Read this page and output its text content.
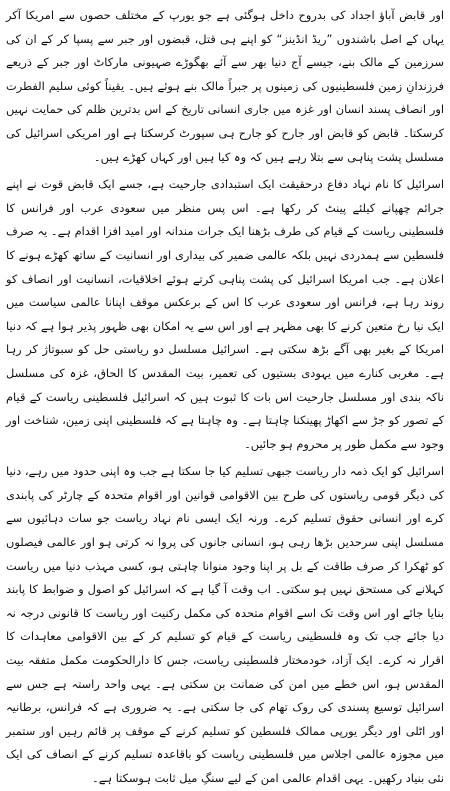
اور قابض آباؤ اجداد کی بدروح داخل ہوگئی ہے جو یورپ کے مختلف حصوں سے امریکا آکر یہاں کے اصل باشندوں ”ریڈ انڈینز“ کو اپنے ہی قتل، قبضوں اور جبر سے پسپا کر کے ان کی سرزمین کے مالک بنے، جیسے آج دنیا بھر سے آئے بھگوڑے صہیونی مارکاٹ اور جبر کے ذریعے فرزندانِ زمین فلسطینیوں کی زمینوں پر جبراً مالک بنے ہوئے ہیں۔ یقیناً کوئی سلیم الفطرت اور انصاف پسند انسان اور غزہ میں جاری انسانی تاریخ کے اس بدترین ظلم کی حمایت نہیں کرسکتا۔ قابض کو قابض اور جارح کو جارح ہی سپورٹ کرسکتا ہے اور امریکی اسرائیل کی مسلسل پشت پناہی سے بتلا رہے ہیں کہ وہ کیا ہیں اور کہاں کھڑے ہیں۔

اسرائیل کا نام نہاد دفاع درحقیقت ایک استبدادی جارحیت ہے، جسے ایک قابض قوت نے اپنے جرائم چھپانے کیلئے پینٹ کر رکھا ہے۔ اس پس منظر میں سعودی عرب اور فرانس کا فلسطینی ریاست کے قیام کی طرف بڑھنا ایک جرات مندانہ اور امید افزا اقدام ہے۔ یہ صرف فلسطین سے ہمدردی نہیں بلکہ عالمی ضمیر کی بیداری اور انسانیت کے ساتھ کھڑے ہونے کا اعلان ہے۔ جب امریکا اسرائیل کی پشت پناہی کرتے ہوئے اخلاقیات، انسانیت اور انصاف کو روند رہا ہے، فرانس اور سعودی عرب کا اس کے برعکس موقف اپنانا عالمی سیاست میں ایک نیا رخ متعین کرنے کا بھی مظہر ہے اور اس سے یہ امکان بھی ظہور پذیر ہوا ہے کہ دنیا امریکا کے بغیر بھی آگے بڑھ سکتی ہے۔ اسرائیل مسلسل دو ریاستی حل کو سبوتاژ کر رہا ہے۔ مغربی کنارے میں یہودی بستیوں کی تعمیر، بیت المقدس کا الحاق، غزہ کی مسلسل ناکہ بندی اور مسلسل جارحیت اس بات کا ثبوت ہیں کہ اسرائیل فلسطینی ریاست کے قیام کے تصور کو جڑ سے اکھاڑ پھینکنا چاہتا ہے۔ وہ چاہتا ہے کہ فلسطینی اپنی زمین، شناخت اور وجود سے مکمل طور پر محروم ہو جائیں۔

اسرائیل کو ایک ذمہ دار ریاست جبھی تسلیم کیا جا سکتا ہے جب وہ اپنی حدود میں رہے، دنیا کی دیگر قومی ریاستوں کی طرح بین الاقوامی قوانین اور اقوام متحدہ کے چارٹر کی پابندی کرے اور انسانی حقوق تسلیم کرے۔ ورنہ ایک ایسی نام نہاد ریاست جو سات دہائیوں سے مسلسل اپنی سرحدیں بڑھا رہی ہو، انسانی جانوں کی پروا نہ کرتی ہو اور عالمی فیصلوں کو ٹھکرا کر صرف طاقت کے بل پر اپنا وجود منوانا چاہتی ہو، کسی مہذب دنیا میں ریاست کہلانے کی مستحق نہیں ہو سکتی۔ اب وقت آ گیا ہے کہ اسرائیل کو اصول و ضوابط کا پابند بنایا جائے اور اس وقت تک اسے اقوام متحدہ کی مکمل رکنیت اور ریاست کا قانونی درجہ نہ دیا جائے جب تک وہ فلسطینی ریاست کے قیام کو تسلیم کر کے بین الاقوامی معاہدات کا اقرار نہ کرے۔ ایک آزاد، خودمختار فلسطینی ریاست، جس کا دارالحکومت مکمل متفقہ بیت المقدس ہو، اس خطے میں امن کی ضمانت بن سکتی ہے۔ یہی واحد راستہ ہے جس سے اسرائیل توسیع پسندی کی روک تھام کی جا سکتی ہے۔ یہ ضروری ہے کہ فرانس، برطانیہ اور اٹلی اور دیگر یورپی ممالک فلسطین کو تسلیم کرنے کے موقف پر قائم رہیں اور ستمبر میں مجوزہ عالمی اجلاس میں فلسطینی ریاست کو باقاعدہ تسلیم کرنے کے انصاف کی ایک نئی بنیاد رکھیں۔ یہی اقدام عالمی امن کے لیے سنگِ میل ثابت ہوسکتا ہے۔
